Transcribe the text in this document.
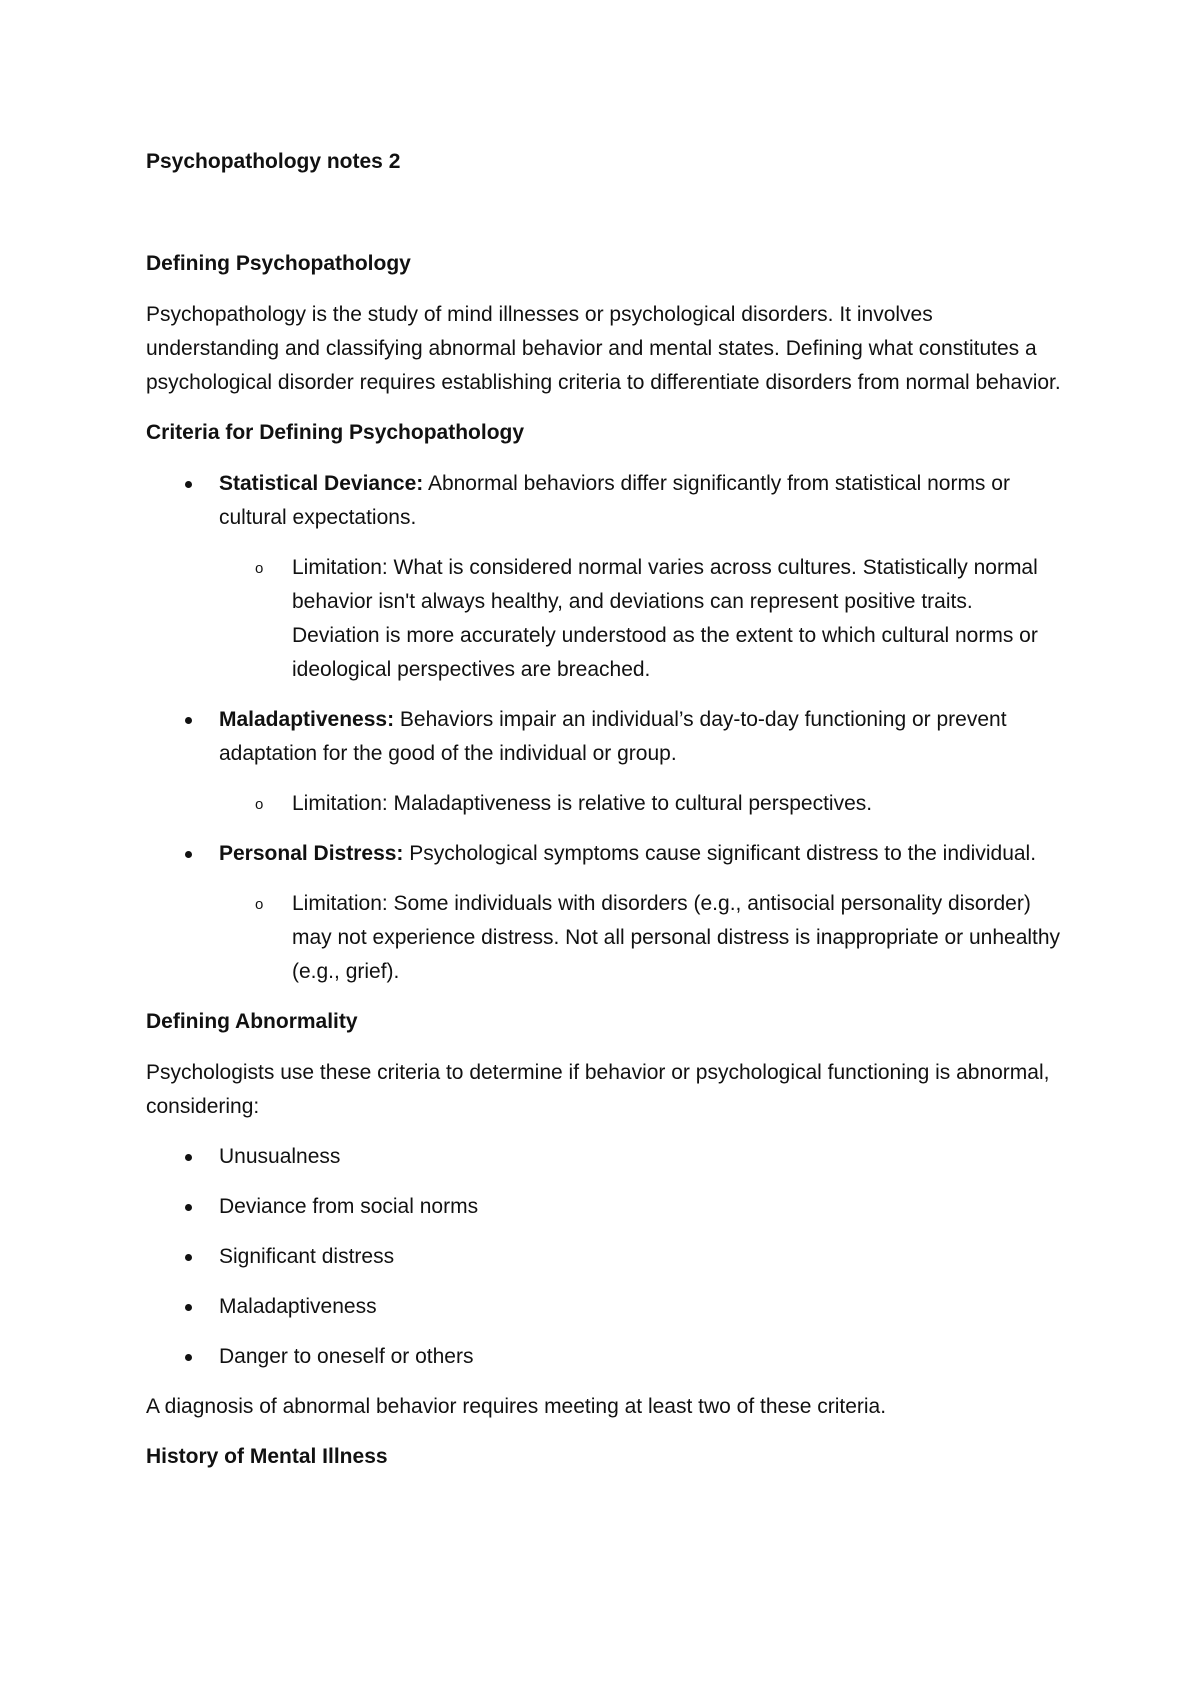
Psychopathology notes 2
Defining Psychopathology

Psychopathology is the study of mind illnesses or psychological disorders. It involves understanding and classifying abnormal behavior and mental states. Defining what constitutes a psychological disorder requires establishing criteria to differentiate disorders from normal behavior.

Criteria for Defining Psychopathology
Statistical Deviance: Abnormal behaviors differ significantly from statistical norms or cultural expectations.
o Limitation: What is considered normal varies across cultures. Statistically normal behavior isn't always healthy, and deviations can represent positive traits. Deviation is more accurately understood as the extent to which cultural norms or ideological perspectives are breached.
Maladaptiveness: Behaviors impair an individual’s day-to-day functioning or prevent adaptation for the good of the individual or group.
o Limitation: Maladaptiveness is relative to cultural perspectives.
Personal Distress: Psychological symptoms cause significant distress to the individual.
o Limitation: Some individuals with disorders (e.g., antisocial personality disorder) may not experience distress. Not all personal distress is inappropriate or unhealthy (e.g., grief).
Defining Abnormality

Psychologists use these criteria to determine if behavior or psychological functioning is abnormal, considering:

Unusualness
Deviance from social norms
Significant distress
Maladaptiveness
Danger to oneself or others

A diagnosis of abnormal behavior requires meeting at least two of these criteria.

History of Mental Illness
